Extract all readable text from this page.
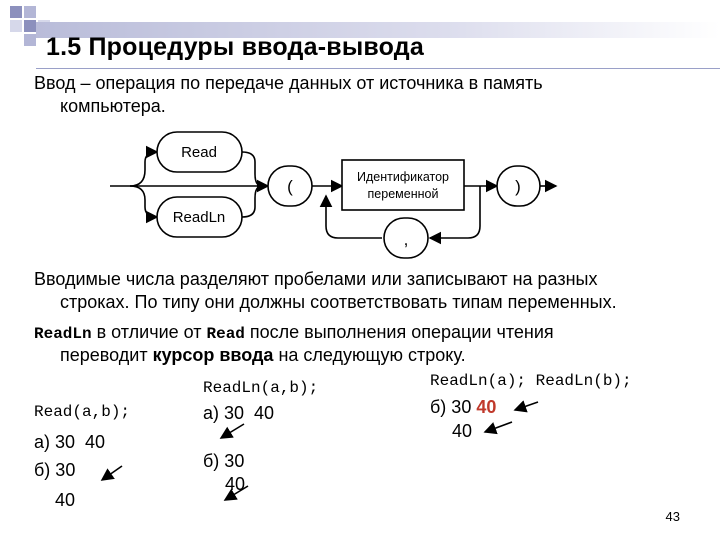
1.5 Процедуры ввода-вывода
Ввод – операция по передаче данных от источника в память
компьютера.
Read
ReadLn
(	Идентификатор
переменной	)
,
Вводимые числа разделяют пробелами или записывают на разных
строках. По типу они должны соответствовать типам переменных.
ReadLn в отличие от Read после выполнения операции чтения
переводит курсор ввода на следующую строку.
Read(a,b);
а) 30  40
б) 30
40
ReadLn(a,b);
а) 30  40
б) 30
40
ReadLn(a); ReadLn(b);
б) 30 40
40
43
